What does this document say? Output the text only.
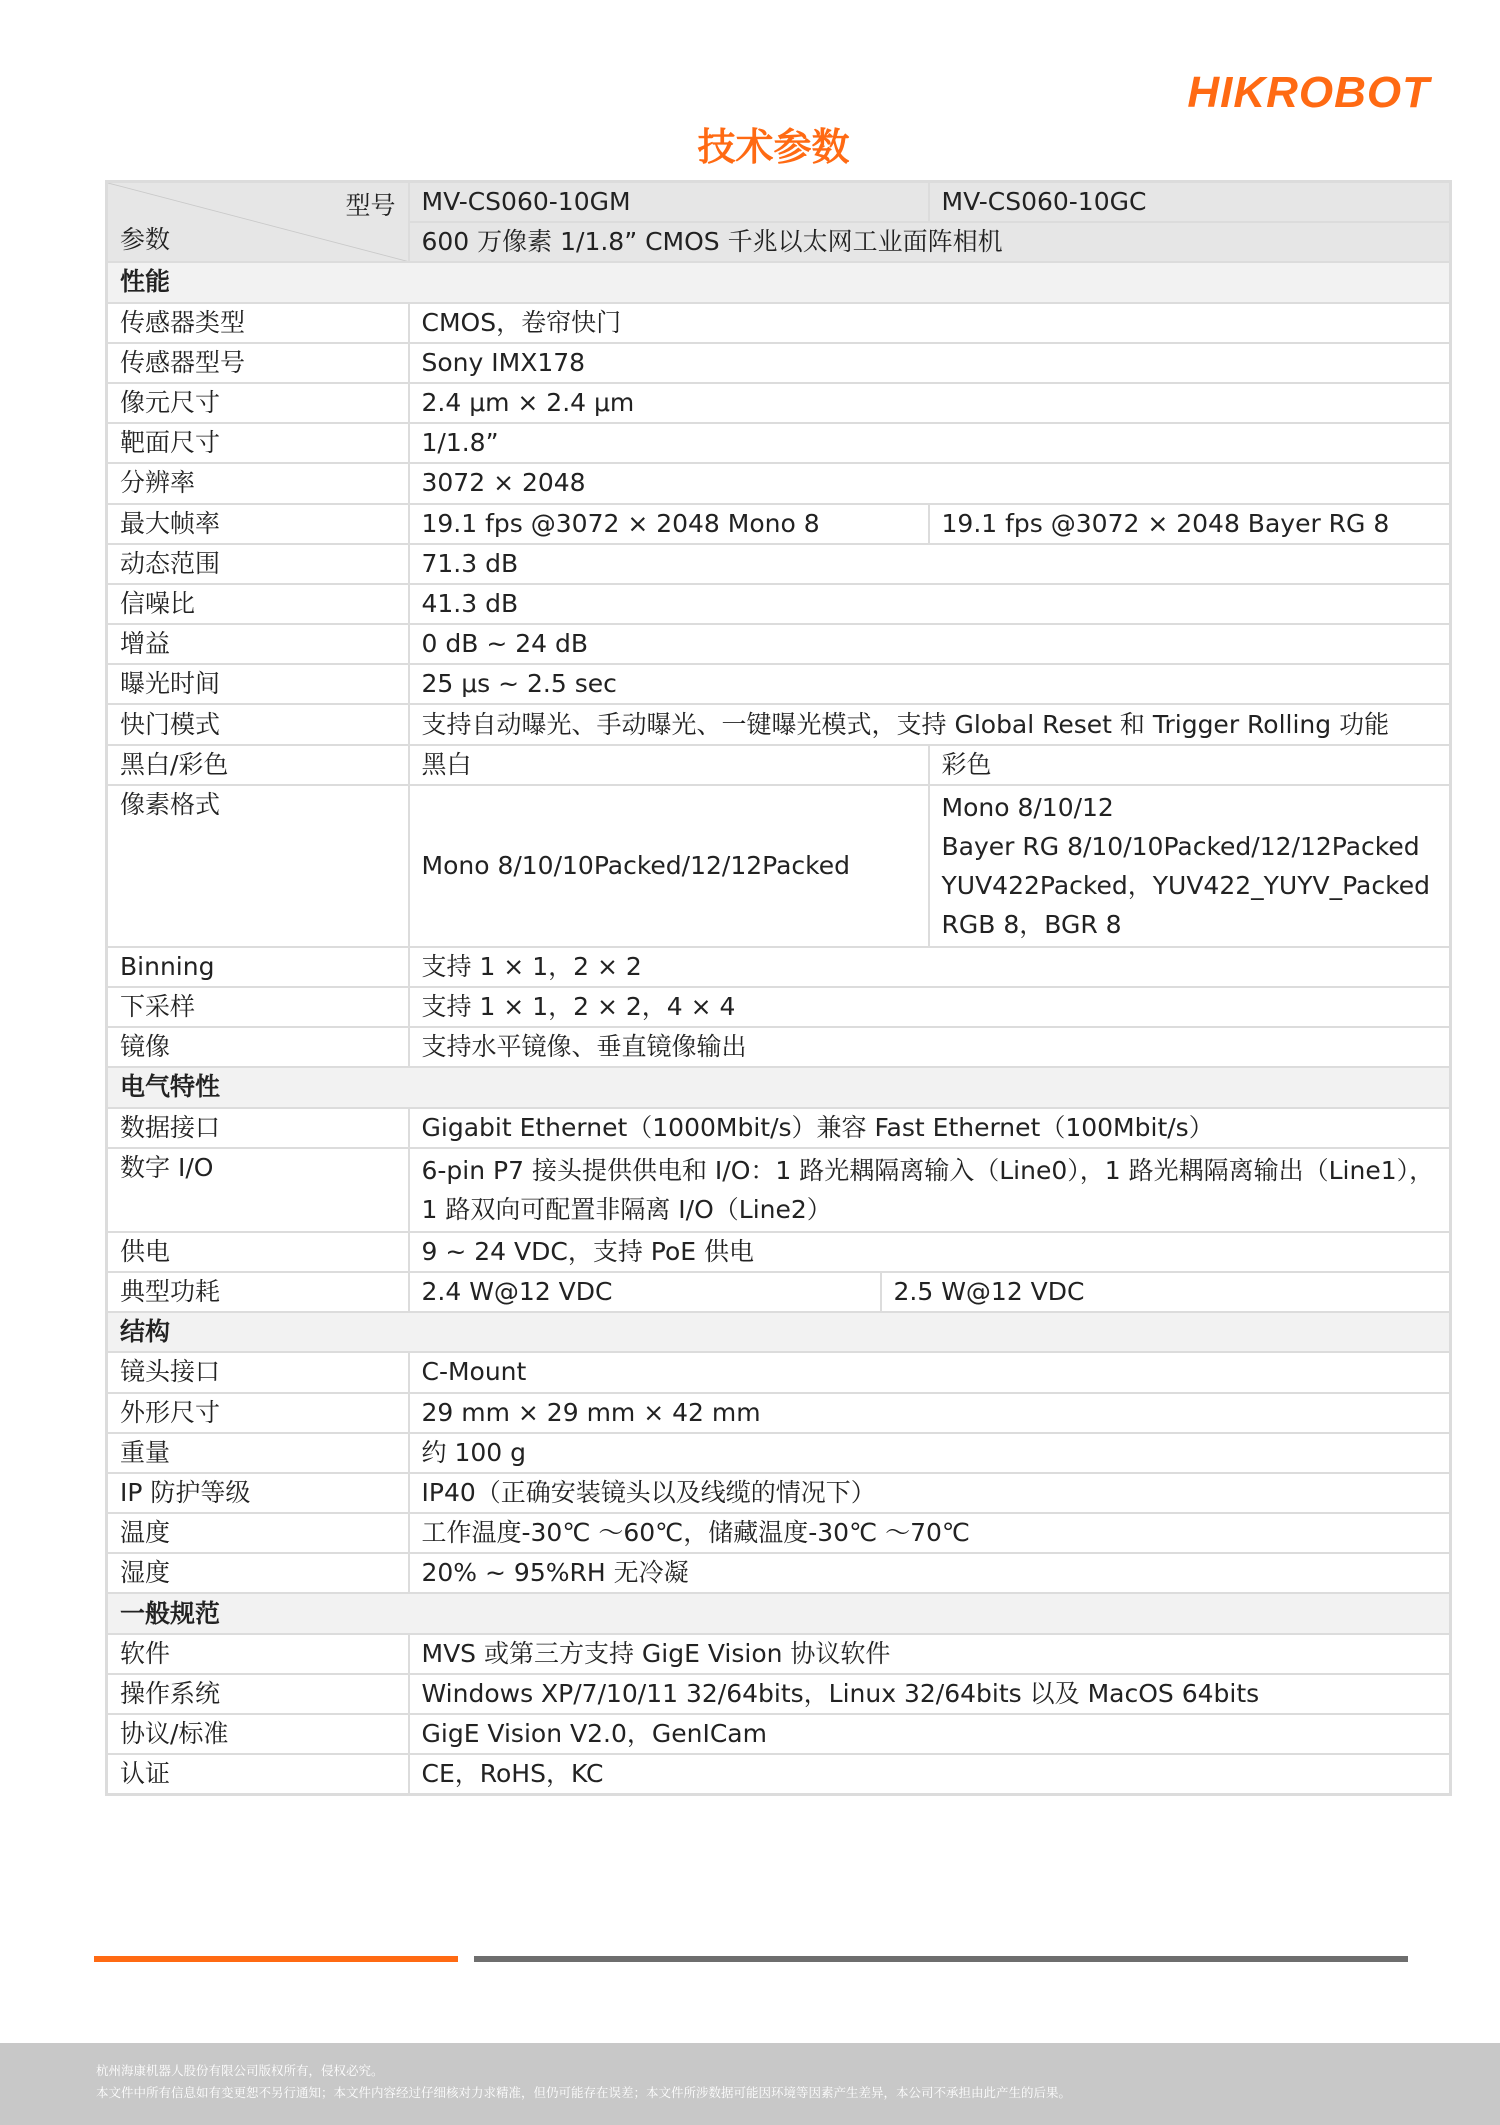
HIKROBOT
技术参数
型号
参数	MV-CS060-10GM		MV-CS060-10GC
	600 万像素 1/1.8” CMOS 千兆以太网工业面阵相机		
性能			
传感器类型	CMOS，卷帘快门		
传感器型号	Sony IMX178		
像元尺寸	2.4 μm × 2.4 μm		
靶面尺寸	1/1.8”		
分辨率	3072 × 2048		
最大帧率	19.1 fps @3072 × 2048 Mono 8		19.1 fps @3072 × 2048 Bayer RG 8
动态范围	71.3 dB		
信噪比	41.3 dB		
增益	0 dB ~ 24 dB		
曝光时间	25 μs ~ 2.5 sec		
快门模式	支持自动曝光、手动曝光、一键曝光模式，支持 Global Reset 和 Trigger Rolling 功能		
黑白/彩色	黑白		彩色
像素格式	Mono 8/10/10Packed/12/12Packed		Mono 8/10/12
Bayer RG 8/10/10Packed/12/12Packed
YUV422Packed，YUV422_YUYV_Packed
RGB 8，BGR 8

Binning	支持 1 × 1，2 × 2		
下采样	支持 1 × 1，2 × 2，4 × 4		
镜像	支持水平镜像、垂直镜像输出		
电气特性			
数据接口	Gigabit Ethernet（1000Mbit/s）兼容 Fast Ethernet（100Mbit/s）		
数字 I/O	6-pin P7 接头提供供电和 I/O：1 路光耦隔离输入（Line0），1 路光耦隔离输出（Line1），
1 路双向可配置非隔离 I/O（Line2）		

供电	9 ~ 24 VDC，支持 PoE 供电		
典型功耗	2.4 W@12 VDC	2.5 W@12 VDC	
结构			
镜头接口	C-Mount		
外形尺寸	29 mm × 29 mm × 42 mm		
重量	约 100 g		
IP 防护等级	IP40（正确安装镜头以及线缆的情况下）		
温度	工作温度-30℃ ～60℃，储藏温度-30℃ ～70℃		
湿度	20% ~ 95%RH 无冷凝		
一般规范			
软件	MVS 或第三方支持 GigE Vision 协议软件		
操作系统	Windows XP/7/10/11 32/64bits，Linux 32/64bits 以及 MacOS 64bits		
协议/标准	GigE Vision V2.0，GenICam		
认证	CE，RoHS，KC		

杭州海康机器人股份有限公司版权所有，侵权必究。

本文件中所有信息如有变更恕不另行通知；本文件内容经过仔细核对力求精准，但仍可能存在误差；本文件所涉数据可能因环境等因素产生差异，本公司不承担由此产生的后果。
